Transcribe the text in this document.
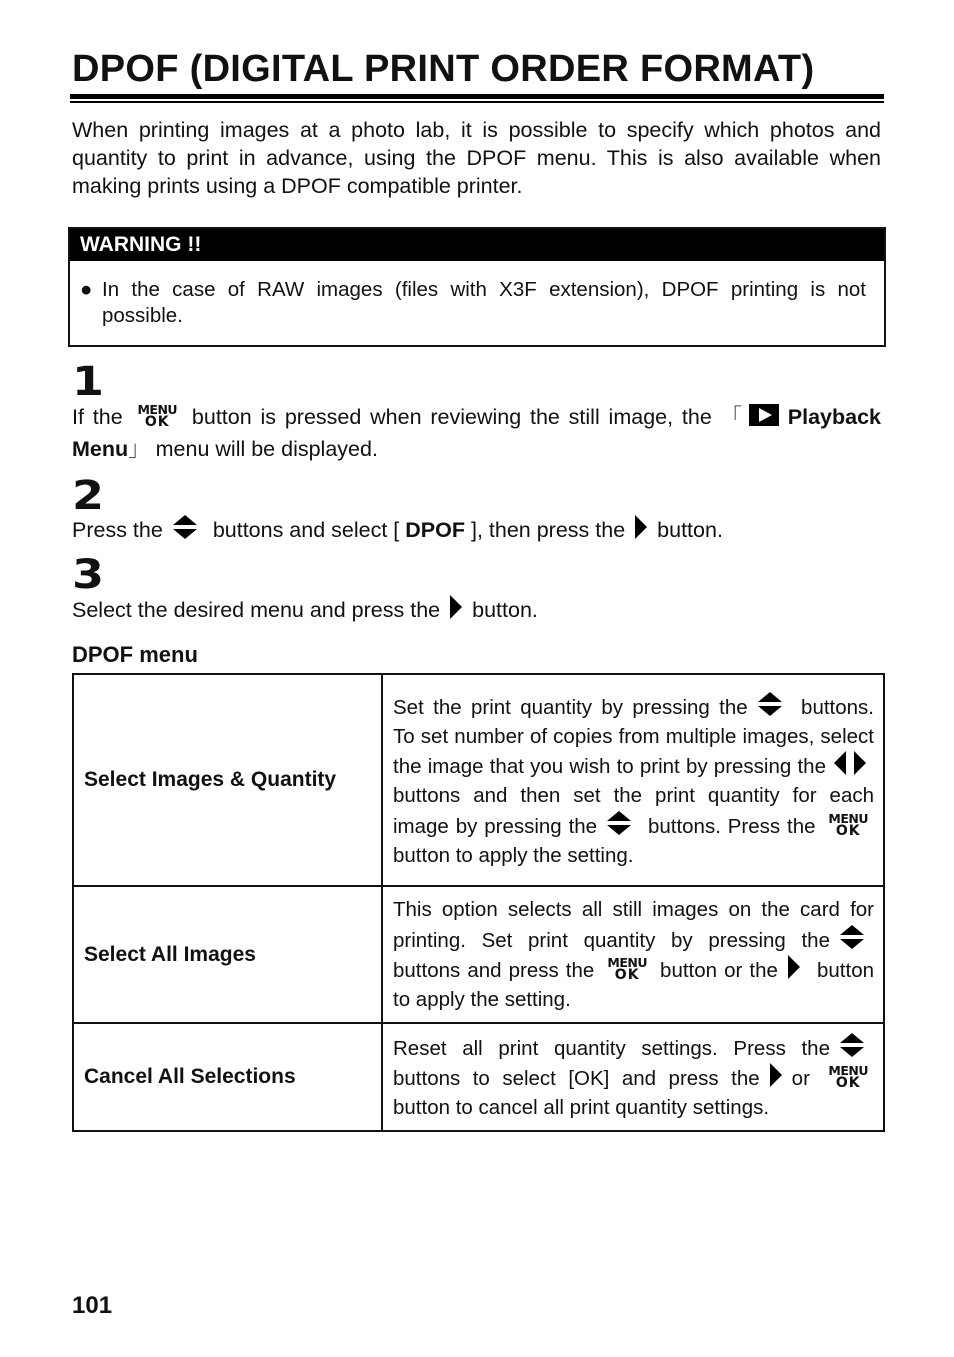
DPOF (DIGITAL PRINT ORDER FORMAT)

When printing images at a photo lab, it is possible to specify which photos and quantity to print in advance, using the DPOF menu. This is also available when making prints using a DPOF compatible printer.

WARNING !!
● In the case of RAW images (files with X3F extension), DPOF printing is not possible.
1

If the MENU
OK	button is pressed when reviewing the still image, the 「 Playback Menu」 menu will be displayed.

2

Press the buttons and select [ DPOF ], then press the button.

3

Select the desired menu and press the button.

DPOF menu
Select Images & Quantity	Set the print quantity by pressing the buttons. To set number of copies from multiple images, select the image that you wish to print by pressing the buttons and then set the print quantity for each image by pressing the buttons. Press the MENU
OK
button to apply the setting.
Select All Images	This option selects all still images on the card for printing. Set print quantity by pressing the buttons and press the MENU
OK button or the button to apply the setting.
Cancel All Selections	Reset all print quantity settings. Press the buttons to select [OK] and press the or MENU
OK
button to cancel all print quantity settings.
101
